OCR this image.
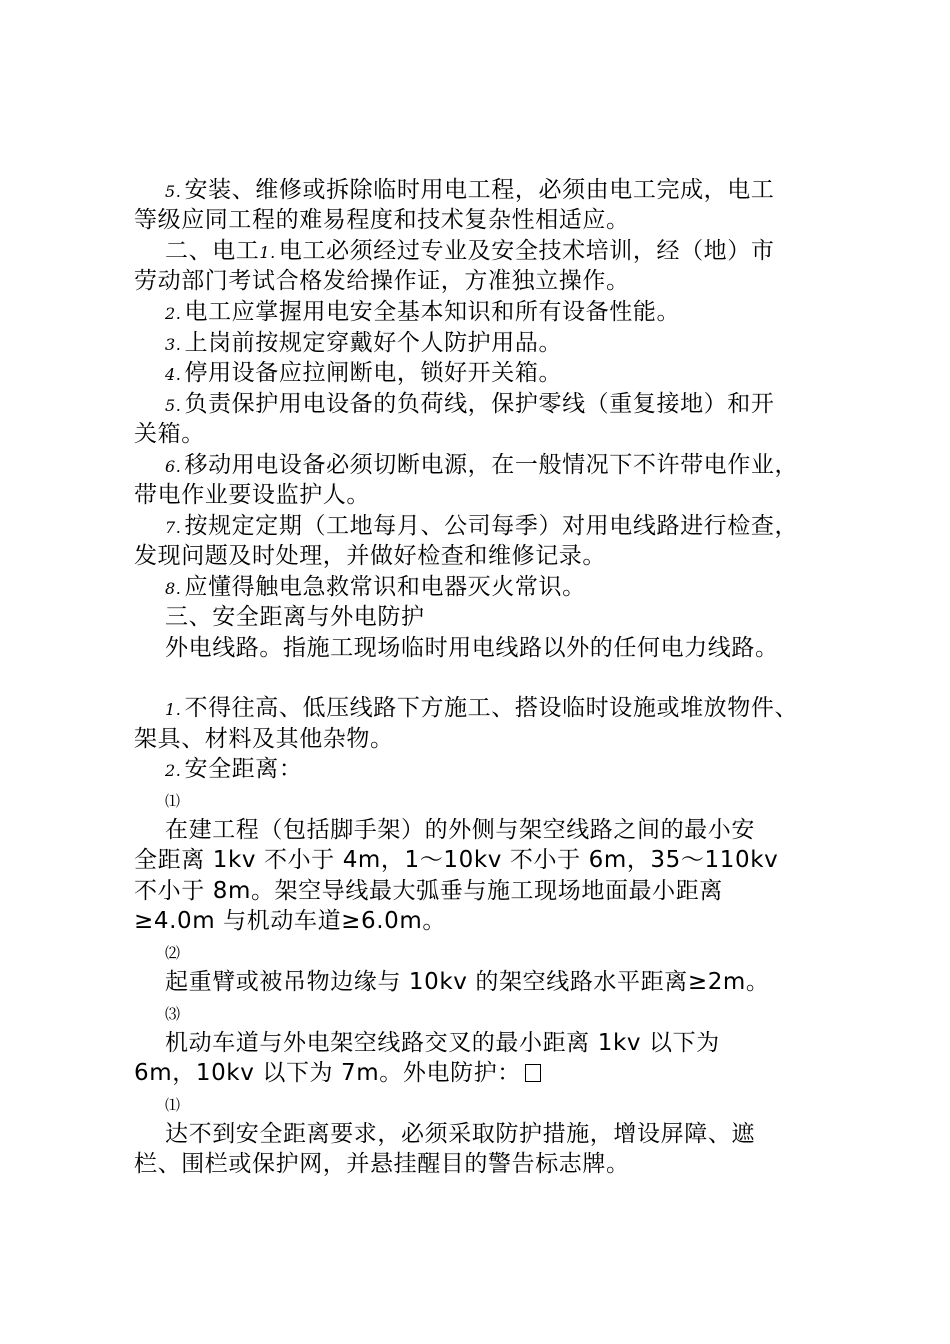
5. 安装、维修或拆除临时用电工程，必须由电工完成，电工
等级应同工程的难易程度和技术复杂性相适应。
二、电工1. 电工必须经过专业及安全技术培训，经（地）市
劳动部门考试合格发给操作证，方准独立操作。
2. 电工应掌握用电安全基本知识和所有设备性能。
3. 上岗前按规定穿戴好个人防护用品。
4. 停用设备应拉闸断电，锁好开关箱。
5. 负责保护用电设备的负荷线，保护零线（重复接地）和开
关箱。
6. 移动用电设备必须切断电源，在一般情况下不许带电作业，
带电作业要设监护人。
7. 按规定定期（工地每月、公司每季）对用电线路进行检查，
发现问题及时处理，并做好检查和维修记录。
8. 应懂得触电急救常识和电器灭火常识。
三、安全距离与外电防护
外电线路。指施工现场临时用电线路以外的任何电力线路。
1. 不得往高、低压线路下方施工、搭设临时设施或堆放物件、
架具、材料及其他杂物。
2. 安全距离：
⑴
在建工程（包括脚手架）的外侧与架空线路之间的最小安
全距离 1kv 不小于 4m，1～10kv 不小于 6m，35～110kv
不小于 8m。架空导线最大弧垂与施工现场地面最小距离
≥4.0m 与机动车道≥6.0m。
⑵
起重臂或被吊物边缘与 10kv 的架空线路水平距离≥2m。
⑶
机动车道与外电架空线路交叉的最小距离 1kv 以下为
6m，10kv 以下为 7m。外电防护：
⑴
达不到安全距离要求，必须采取防护措施，增设屏障、遮
栏、围栏或保护网，并悬挂醒目的警告标志牌。
